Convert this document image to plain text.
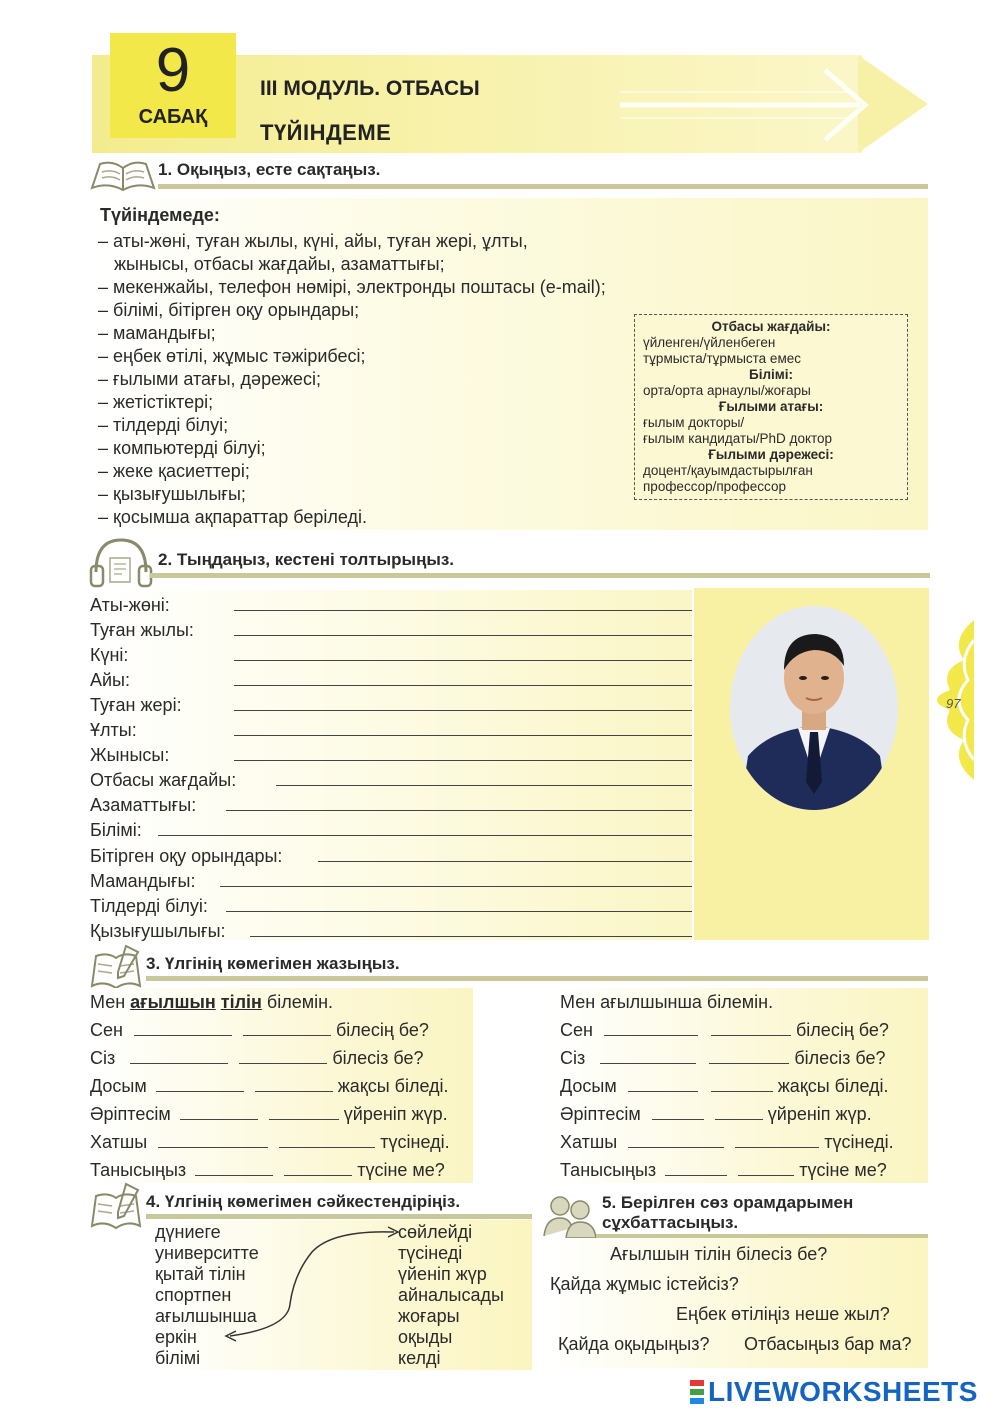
9
САБАҚ
III МОДУЛЬ. ОТБАСЫ
ТҮЙІНДЕМЕ
1. Оқыңыз, есте сақтаңыз.
Түйіндемеде:
– аты-жөні, туған жылы, күні, айы, туған жері, ұлты,
жынысы, отбасы жағдайы, азаматтығы;
– мекенжайы, телефон нөмірі, электронды поштасы (e-mail);
– білімі, бітірген оқу орындары;
– мамандығы;
– еңбек өтілі, жұмыс тәжірибесі;
– ғылыми атағы, дәрежесі;
– жетістіктері;
– тілдерді білуі;
– компьютерді білуі;
– жеке қасиеттері;
– қызығушылығы;
– қосымша ақпараттар беріледі.
Отбасы жағдайы:
үйленген/үйленбеген
тұрмыста/тұрмыста емес
Білімі:
орта/орта арнаулы/жоғары
Ғылыми атағы:
ғылым докторы/
ғылым кандидаты/PhD доктор
Ғылыми дәрежесі:
доцент/қауымдастырылған
профессор/профессор
2. Тыңдаңыз, кестені толтырыңыз.
97
Аты-жөні:
Туған жылы:
Күні:
Айы:
Туған жері:
Ұлты:
Жынысы:
Отбасы жағдайы:
Азаматтығы:
Білімі:
Бітірген оқу орындары:
Мамандығы:
Тілдерді білуі:
Қызығушылығы:
3. Үлгінің көмегімен жазыңыз.
Мен ағылшын тілін білемін.
Сен	білесің бе?
Сіз	білесіз бе?
Досым	жақсы біледі.
Әріптесім	үйреніп жүр.
Хатшы	түсінеді.
Танысыңыз	түсіне ме?
Мен ағылшынша білемін.
Сен	білесің бе?
Сіз	білесіз бе?
Досым	жақсы біледі.
Әріптесім	үйреніп жүр.
Хатшы	түсінеді.
Танысыңыз	түсіне ме?
4. Үлгінің көмегімен сәйкестендіріңіз.
дүниеге
университте
қытай тілін
спортпен
ағылшынша
еркін
білімі
сөйлейді
түсінеді
үйеніп жүр
айналысады
жоғары
оқыды
келді
5. Берілген сөз орамдарымен
сұхбаттасыңыз.
Ағылшын тілін білесіз бе?
Қайда жұмыс істейсіз?
Еңбек өтіліңіз неше жыл?
Қайда оқыдыңыз? Отбасыңыз бар ма?
LIVEWORKSHEETS
